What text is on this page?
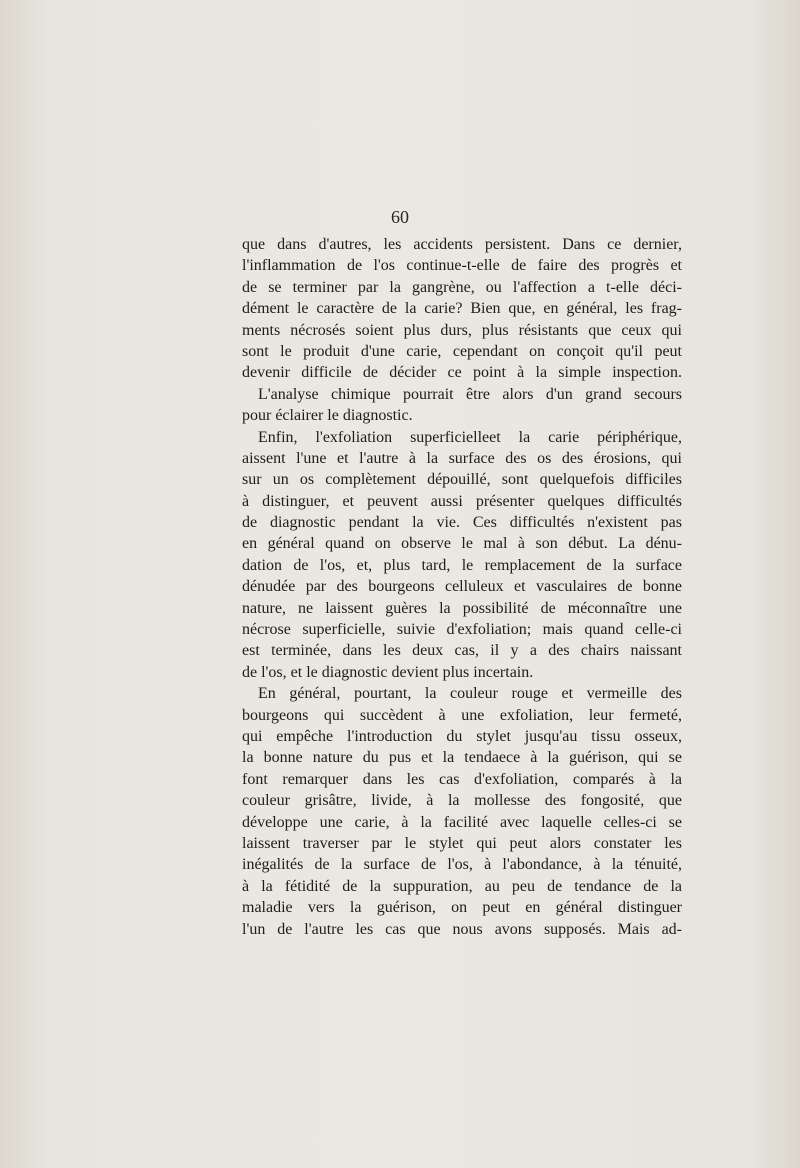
60
que dans d'autres, les accidents persistent. Dans ce dernier,
l'inflammation de l'os continue-t-elle de faire des progrès et
de se terminer par la gangrène, ou l'affection a t-elle déci-
dément le caractère de la carie? Bien que, en général, les frag-
ments nécrosés soient plus durs, plus résistants que ceux qui
sont le produit d'une carie, cependant on conçoit qu'il peut
devenir difficile de décider ce point à la simple inspection.
L'analyse chimique pourrait être alors d'un grand secours
pour éclairer le diagnostic.
Enfin, l'exfoliation superficielleet la carie périphérique,
aissent l'une et l'autre à la surface des os des érosions, qui
sur un os complètement dépouillé, sont quelquefois difficiles
à distinguer, et peuvent aussi présenter quelques difficultés
de diagnostic pendant la vie. Ces difficultés n'existent pas
en général quand on observe le mal à son début. La dénu-
dation de l'os, et, plus tard, le remplacement de la surface
dénudée par des bourgeons celluleux et vasculaires de bonne
nature, ne laissent guères la possibilité de méconnaître une
nécrose superficielle, suivie d'exfoliation; mais quand celle-ci
est terminée, dans les deux cas, il y a des chairs naissant
de l'os, et le diagnostic devient plus incertain.
En général, pourtant, la couleur rouge et vermeille des
bourgeons qui succèdent à une exfoliation, leur fermeté,
qui empêche l'introduction du stylet jusqu'au tissu osseux,
la bonne nature du pus et la tendaece à la guérison, qui se
font remarquer dans les cas d'exfoliation, comparés à la
couleur grisâtre, livide, à la mollesse des fongosité, que
développe une carie, à la facilité avec laquelle celles-ci se
laissent traverser par le stylet qui peut alors constater les
inégalités de la surface de l'os, à l'abondance, à la ténuité,
à la fétidité de la suppuration, au peu de tendance de la
maladie vers la guérison, on peut en général distinguer
l'un de l'autre les cas que nous avons supposés. Mais ad-
